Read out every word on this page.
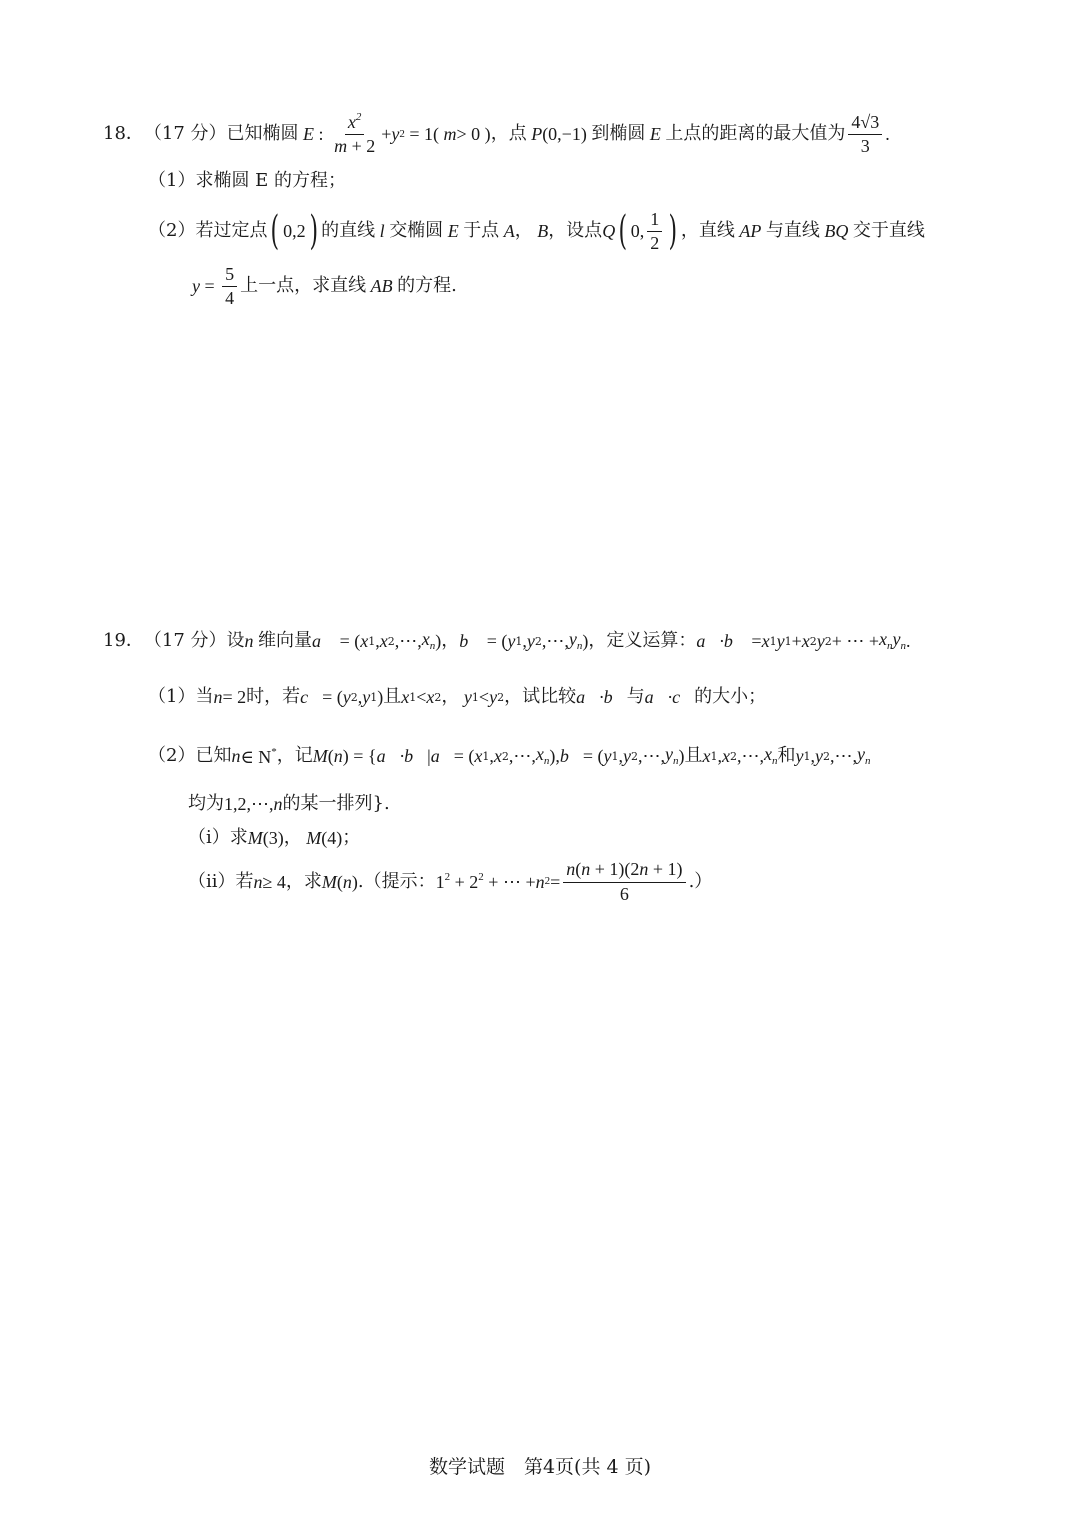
18． （17 分） 已知椭圆 E : $\frac{x^2}{m + 2} + y$ 2 = 1( m > 0 ) ， 点 P (0,−1) 到椭圆 E 上点的距离的最大值为 $\frac{4√3}{3}$ .
（1）求椭圆 E 的方程；
（2）若过定点 ( 0,2 ) 的直线 l 交椭圆 E 于点 A ， B ，设点 Q ( 0, $\frac{1}{2}$ ) ，直线 AP 与直线 BQ 交于直线
$y = \frac{5}{4}$ 上一点，求直线 AB 的方程.
19． （17 分） 设 n 维向量 a⃗ = ( x 1 , x 2 ,⋯, $x_n$ ) ， b⃗ = ( y 1 , y 2 ,⋯, $y_n$ ) ，定义运算： a⃗·b⃗ = x 1 y 1 + x 2 y 2 + ⋯ + $x_ny_n$ .
（1）当 n = 2 时，若 c⃗ = ( y 2 , y 1 ) 且 x 1 < x 2 ， y 1 < y 2 ，试比较 a⃗·b⃗ 与 a⃗·c⃗ 的大小；
（2）已知 n ∈ N* ，记 M ( n ) = { a⃗·b⃗ | a⃗ = ( x 1 , x 2 ,⋯, $x_n$ ), b⃗ = ( y 1 , y 2 ,⋯, $y_n$ ) 且 x 1 , x 2 ,⋯, $x_n$ 和 y 1 , y 2 ,⋯, $y_n$
均为 1,2,⋯, n 的某一排列}.
（i）求 M (3) ， M (4) ；
（ii）若 n ≥ 4 ，求 M ( n ) .（提示： $1^2 + 2^2$ + ⋯ + n $2 = \frac{n(n + 1)(2n + 1)}{6}$ .）
数学试题　第4页(共 4 页)
